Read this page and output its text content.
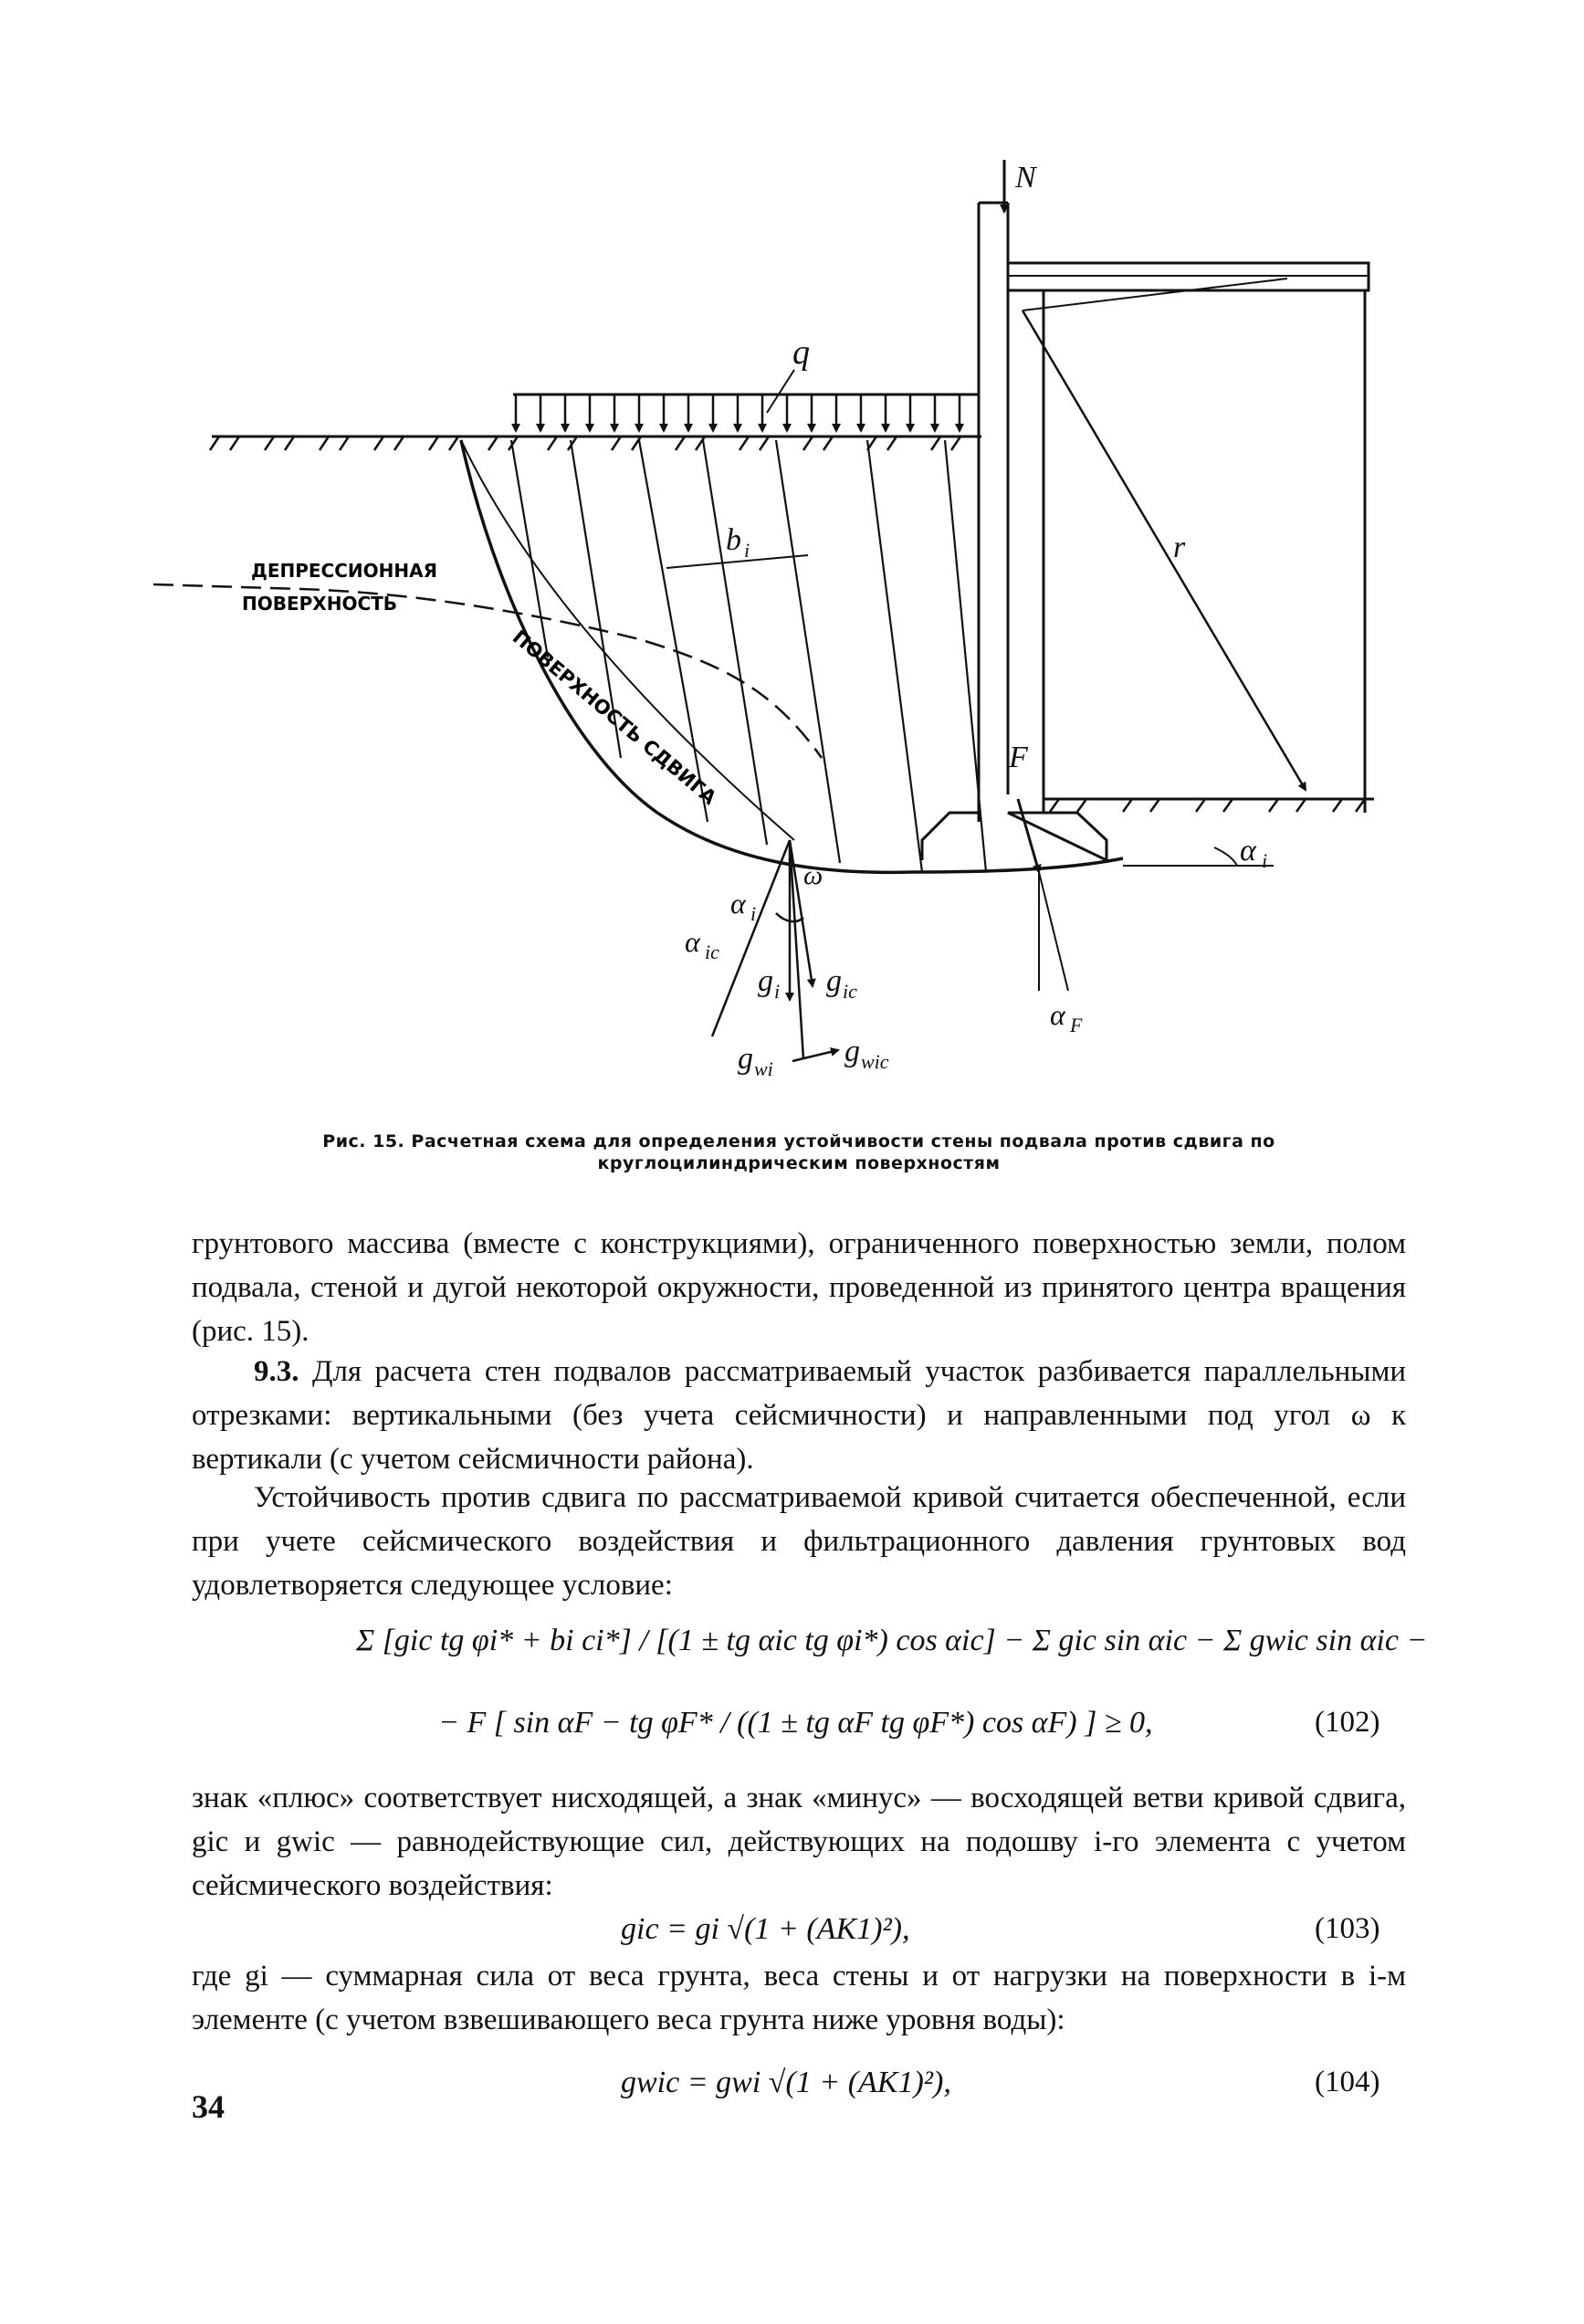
N
q
b i	r
F
ω
α i
α ic
α F
α i
g i g ic
g wi
g wic
ДЕПРЕССИОННАЯ
ПОВЕРХНОСТЬ
ПОВЕРХНОСТЬ СДВИГА
Рис. 15. Расчетная схема для определения устойчивости стены подвала против сдвига по круглоцилиндрическим поверхностям
грунтового массива (вместе с конструкциями), ограниченного поверхностью земли, полом подвала, стеной и дугой некоторой окружности, проведенной из принятого центра вращения (рис. 15).
9.3. Для расчета стен подвалов рассматриваемый участок разбивается параллельными отрезками: вертикальными (без учета сейсмичности) и направленными под угол ω к вертикали (с учетом сейсмичности района).
Устойчивость против сдвига по рассматриваемой кривой считается обеспеченной, если при учете сейсмического воздействия и фильтрационного давления грунтовых вод удовлетворяется следующее условие:
Σ [gic tg φi* + bi ci*] / [(1 ± tg αic tg φi*) cos αic] − Σ gic sin αic − Σ gwic sin αic −
− F [ sin αF − tg φF* / ((1 ± tg αF tg φF*) cos αF) ] ≥ 0,	(102)
знак «плюс» соответствует нисходящей, а знак «минус» — восходящей ветви кривой сдвига, gic и gwic — равнодействующие сил, действующих на подошву i-го элемента с учетом сейсмического воздействия:
gic = gi √(1 + (AK1)²),	(103)
где gi — суммарная сила от веса грунта, веса стены и от нагрузки на поверхности в i-м элементе (с учетом взвешивающего веса грунта ниже уровня воды):
gwic = gwi √(1 + (AK1)²),	(104)
34
